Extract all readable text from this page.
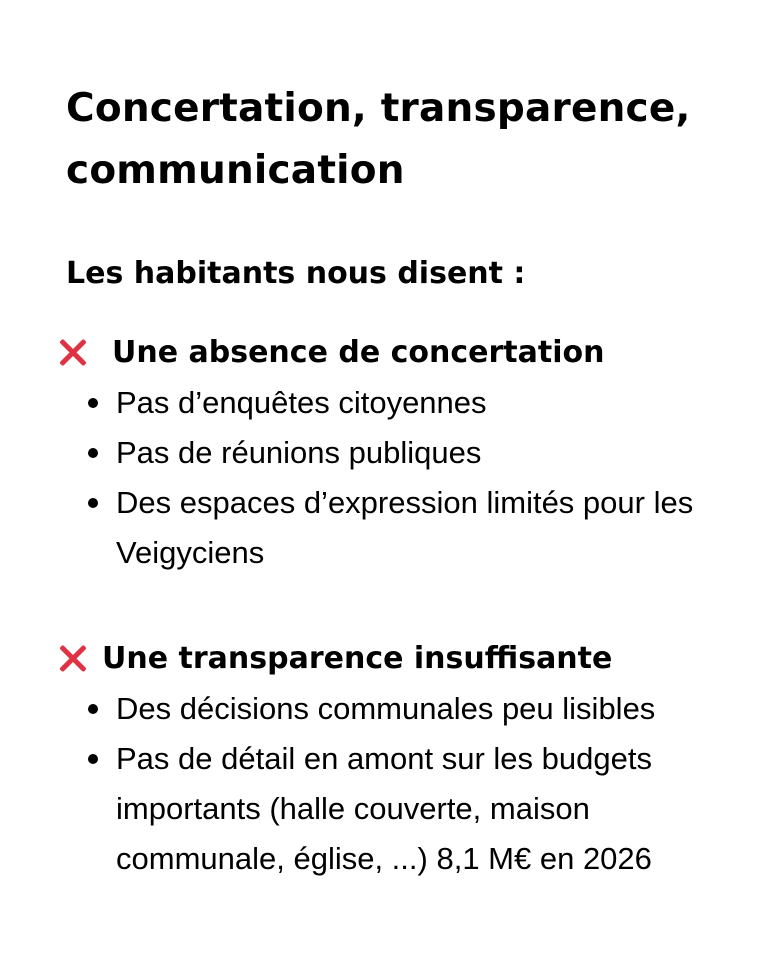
Concertation, transparence, communication
Les habitants nous disent :
Une absence de concertation
Pas d’enquêtes citoyennes
Pas de réunions publiques
Des espaces d’expression limités pour les Veigyciens
Une transparence insuffisante
Des décisions communales peu lisibles
Pas de détail en amont sur les budgets importants (halle couverte, maison communale, église, ...) 8,1 M€ en 2026
